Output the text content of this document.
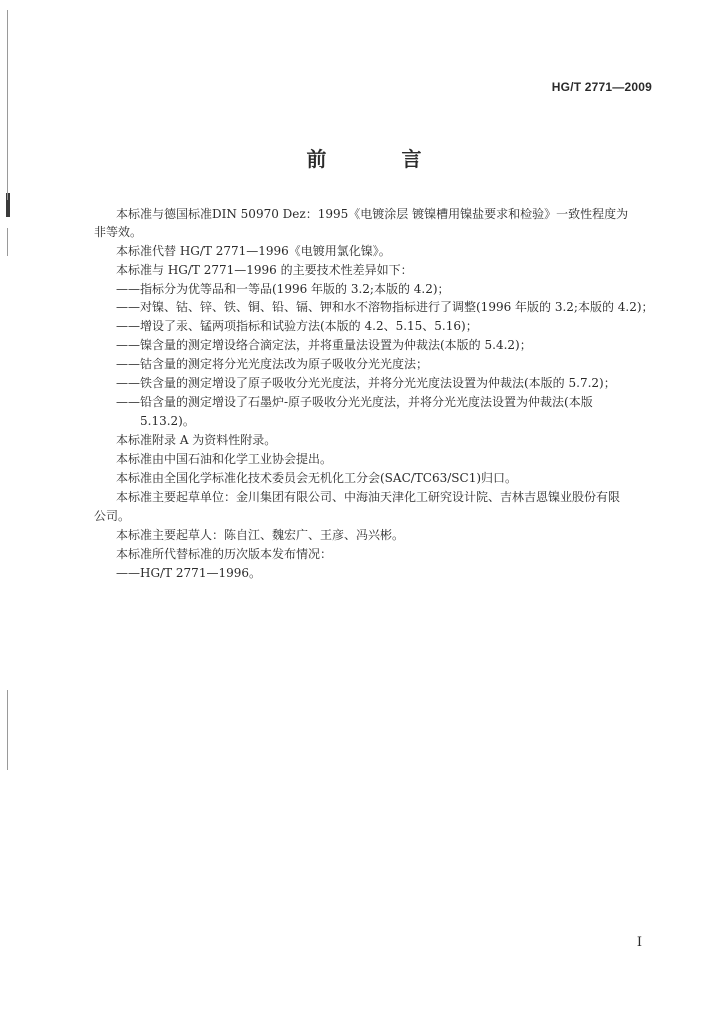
HG/T 2771—2009
前 言
本标准与德国标准DIN 50970 Dez：1995《电镀涂层 镀镍槽用镍盐要求和检验》一致性程度为
非等效。
本标准代替 HG/T 2771—1996《电镀用氯化镍》。
本标准与 HG/T 2771—1996 的主要技术性差异如下：
——指标分为优等品和一等品(1996 年版的 3.2;本版的 4.2)；
——对镍、钴、锌、铁、铜、铅、镉、钾和水不溶物指标进行了调整(1996 年版的 3.2;本版的 4.2)；
——增设了汞、锰两项指标和试验方法(本版的 4.2、5.15、5.16)；
——镍含量的测定增设络合滴定法，并将重量法设置为仲裁法(本版的 5.4.2)；
——钴含量的测定将分光光度法改为原子吸收分光光度法；
——铁含量的测定增设了原子吸收分光光度法，并将分光光度法设置为仲裁法(本版的 5.7.2)；
——铅含量的测定增设了石墨炉-原子吸收分光光度法，并将分光光度法设置为仲裁法(本版
5.13.2)。
本标准附录 A 为资料性附录。
本标准由中国石油和化学工业协会提出。
本标准由全国化学标准化技术委员会无机化工分会(SAC/TC63/SC1)归口。
本标准主要起草单位：金川集团有限公司、中海油天津化工研究设计院、吉林吉恩镍业股份有限
公司。
本标准主要起草人：陈自江、魏宏广、王彦、冯兴彬。
本标准所代替标准的历次版本发布情况：
——HG/T 2771—1996。
I
